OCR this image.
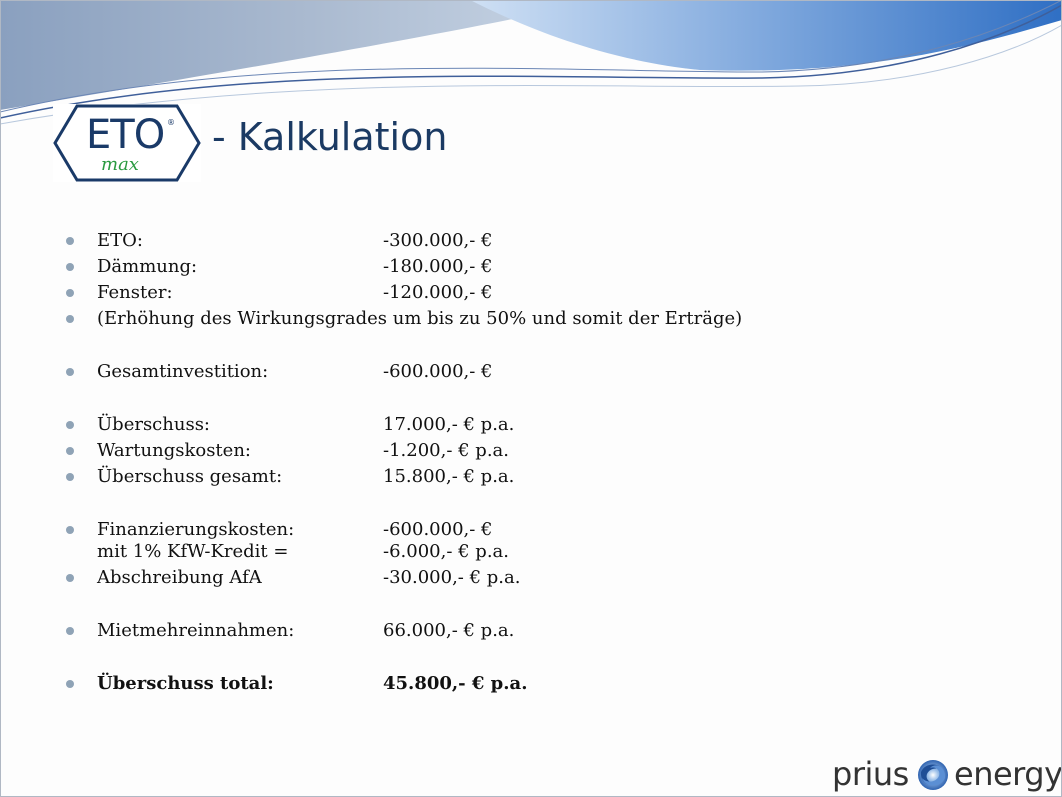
ETO ®
max
- Kalkulation
ETO:	-300.000,- €
Dämmung:	-180.000,- €
Fenster:	-120.000,- €
(Erhöhung des Wirkungsgrades um bis zu 50% und somit der Erträge)
Gesamtinvestition:	-600.000,- €
Überschuss:	17.000,- € p.a.
Wartungskosten:	-1.200,- € p.a.
Überschuss gesamt:	15.800,- € p.a.
Finanzierungskosten:	-600.000,- €
mit 1% KfW-Kredit =	-6.000,- € p.a.
Abschreibung AfA	-30.000,- € p.a.
Mietmehreinnahmen:	66.000,- € p.a.
Überschuss total:	45.800,- € p.a.
prius energy
